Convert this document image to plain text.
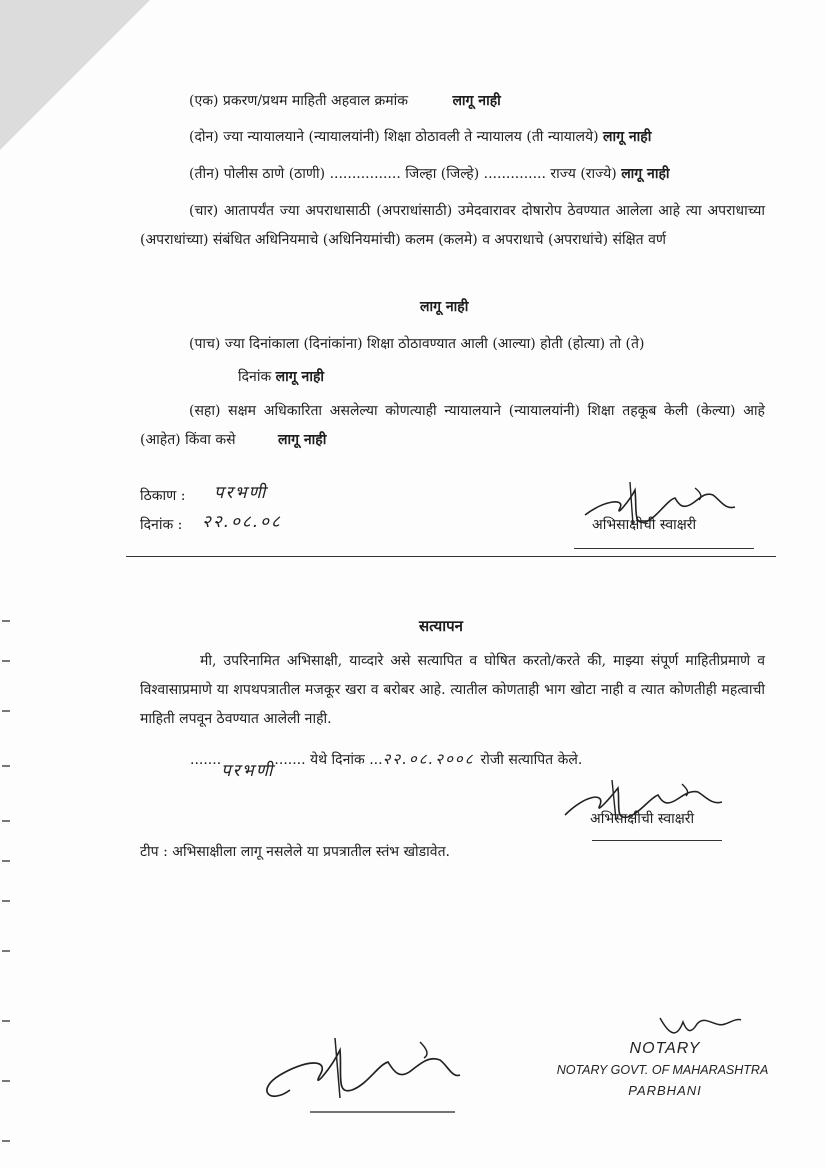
(एक) प्रकरण/प्रथम माहिती अहवाल क्रमांक	लागू नाही
(दोन) ज्या न्यायालयाने (न्यायालयांनी) शिक्षा ठोठावली ते न्यायालय (ती न्यायालये) लागू नाही
(तीन) पोलीस ठाणे (ठाणी) ................ जिल्हा (जिल्हे) .............. राज्य (राज्ये) लागू नाही
(चार) आतापर्यंत ज्या अपराधासाठी (अपराधांसाठी) उमेदवारावर दोषारोप ठेवण्यात आलेला आहे त्या अपराधाच्या (अपराधांच्या) संबंधित अधिनियमाचे (अधिनियमांची) कलम (कलमे) व अपराधाचे (अपराधांचे) संक्षित वर्ण
लागू नाही
(पाच) ज्या दिनांकाला (दिनांकांना) शिक्षा ठोठावण्यात आली (आल्या) होती (होत्या) तो (ते)
दिनांक लागू नाही
(सहा) सक्षम अधिकारिता असलेल्या कोणत्याही न्यायालयाने (न्यायालयांनी) शिक्षा तहकूब केली (केल्या) आहे (आहेत) किंवा कसे	लागू नाही
ठिकाण : परभणी
दिनांक : २२.०८.०८	अभिसाक्षीची स्वाक्षरी
सत्यापन
मी, उपरिनामित अभिसाक्षी, याव्दारे असे सत्यापित व घोषित करतो/करते की, माझ्या संपूर्ण माहितीप्रमाणे व विश्वासाप्रमाणे या शपथपत्रातील मजकूर खरा व बरोबर आहे. त्यातील कोणताही भाग खोटा नाही व त्यात कोणतीही महत्वाची माहिती लपवून ठेवण्यात आलेली नाही.
.......परभणी....... येथे दिनांक ...२२.०८.२००८ रोजी सत्यापित केले.
अभिसाक्षीची स्वाक्षरी
टीप : अभिसाक्षीला लागू नसलेले या प्रपत्रातील स्तंभ खोडावेत.
NOTARY
NOTARY GOVT. OF MAHARASHTRA
PARBHANI
